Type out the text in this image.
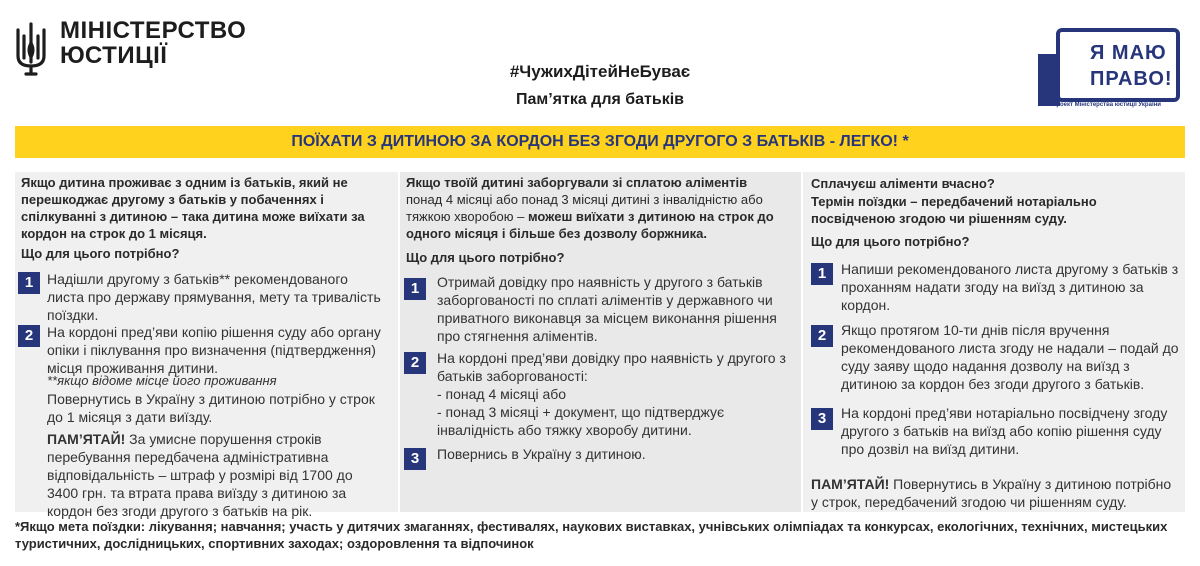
МІНІСТЕРСТВО
ЮСТИЦІЇ
#ЧужихДітейНеБуває
Пам’ятка для батьків
Я МАЮ
ПРАВО!
Проект Міністерства юстиції України
ПОЇХАТИ З ДИТИНОЮ ЗА КОРДОН БЕЗ ЗГОДИ ДРУГОГО З БАТЬКІВ - ЛЕГКО! *
Якщо дитина проживає з одним із батьків, який не перешкоджає другому з батьків у побаченнях і спілкуванні з дитиною – така дитина може виїхати за кордон на строк до 1 місяця.
Що для цього потрібно?
1 Надішли другому з батьків** рекомендованого листа про державу прямування, мету та тривалість поїздки.
2 На кордоні пред’яви копію рішення суду або органу опіки і піклування про визначення (підтвердження) місця проживання дитини.
**якщо відоме місце його проживання
Повернутись в Україну з дитиною потрібно у строк до 1 місяця з дати виїзду.
ПАМ’ЯТАЙ! За умисне порушення строків перебування передбачена адміністративна відповідальність – штраф у розмірі від 1700 до 3400 грн. та втрата права виїзду з дитиною за кордон без згоди другого з батьків на рік.
Якщо твоїй дитині заборгували зі сплатою аліментів понад 4 місяці або понад 3 місяці дитині з інвалідністю або тяжкою хворобою – можеш виїхати з дитиною на строк до одного місяця і більше без дозволу боржника.
Що для цього потрібно?
1	Отримай довідку про наявність у другого з батьків заборгованості по сплаті аліментів у державного чи приватного виконавця за місцем виконання рішення про стягнення аліментів.
2	На кордоні пред’яви довідку про наявність у другого з батьків заборгованості:
- понад 4 місяці або
- понад 3 місяці + документ, що підтверджує інвалідність або тяжку хворобу дитини.
3	Повернись в Україну з дитиною.
Сплачуєш аліменти вчасно?
Термін поїздки – передбачений нотаріально посвідченою згодою чи рішенням суду.
Що для цього потрібно?
1	Напиши рекомендованого листа другому з батьків з проханням надати згоду на виїзд з дитиною за кордон.
2	Якщо протягом 10-ти днів після вручення рекомендованого листа згоду не надали – подай до суду заяву щодо надання дозволу на виїзд з дитиною за кордон без згоди другого з батьків.
3	На кордоні пред’яви нотаріально посвідчену згоду другого з батьків на виїзд або копію рішення суду про дозвіл на виїзд дитини.
ПАМ’ЯТАЙ! Повернутись в Україну з дитиною потрібно у строк, передбачений згодою чи рішенням суду.
*Якщо мета поїздки: лікування; навчання; участь у дитячих змаганнях, фестивалях, наукових виставках, учнівських олімпіадах та конкурсах, екологічних, технічних, мистецьких туристичних, дослідницьких, спортивних заходах; оздоровлення та відпочинок
